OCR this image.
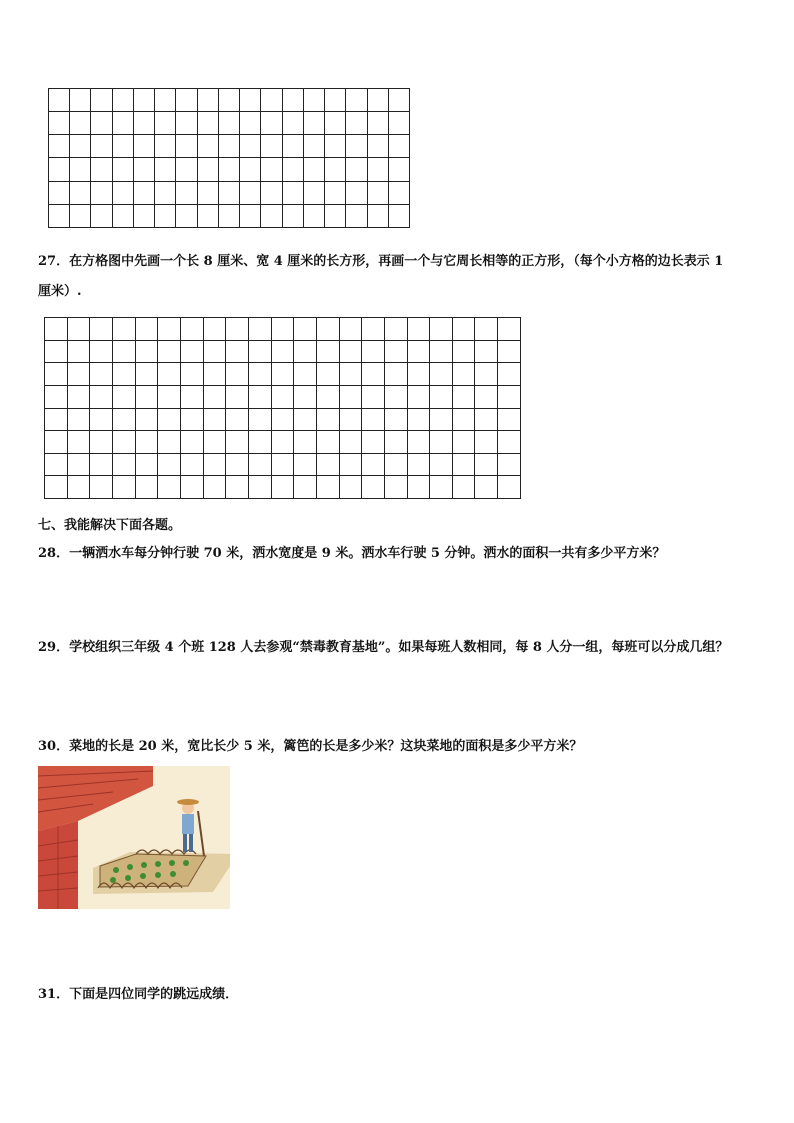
27．在方格图中先画一个长 8 厘米、宽 4 厘米的长方形，再画一个与它周长相等的正方形，（每个小方格的边长表示 1
厘米）.

七、我能解决下面各题。
28．一辆洒水车每分钟行驶 70 米，洒水宽度是 9 米。洒水车行驶 5 分钟。洒水的面积一共有多少平方米？
29．学校组织三年级 4 个班 128 人去参观“禁毒教育基地”。如果每班人数相同，每 8 人分一组，每班可以分成几组？
30．菜地的长是 20 米，宽比长少 5 米，篱笆的长是多少米？这块菜地的面积是多少平方米？
31．下面是四位同学的跳远成绩．
